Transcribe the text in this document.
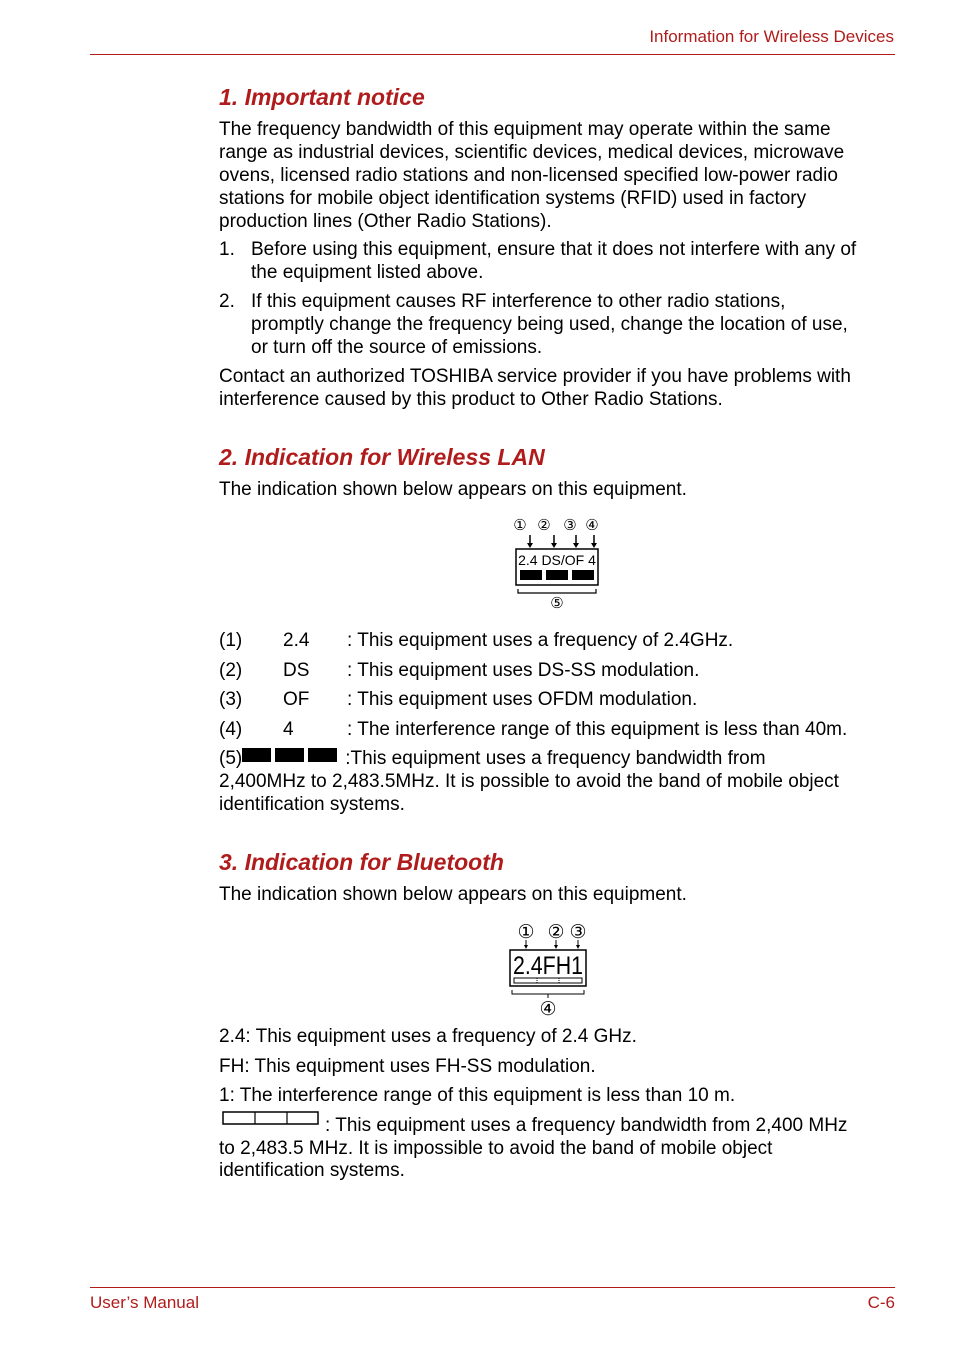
Information for Wireless Devices
1. Important notice
The frequency bandwidth of this equipment may operate within the same
range as industrial devices, scientific devices, medical devices, microwave
ovens, licensed radio stations and non-licensed specified low-power radio
stations for mobile object identification systems (RFID) used in factory
production lines (Other Radio Stations).
1. Before using this equipment, ensure that it does not interfere with any of
the equipment listed above.
2. If this equipment causes RF interference to other radio stations,
promptly change the frequency being used, change the location of use,
or turn off the source of emissions.
Contact an authorized TOSHIBA service provider if you have problems with
interference caused by this product to Other Radio Stations.
2. Indication for Wireless LAN
The indication shown below appears on this equipment.
① ② ③ ④
2.4 DS/OF 4
⑤
(1) 2.4 : This equipment uses a frequency of 2.4GHz.
(2) DS : This equipment uses DS-SS modulation.
(3) OF : This equipment uses OFDM modulation.
(4) 4	: The interference range of this equipment is less than 40m.
(5)	:This equipment uses a frequency bandwidth from
2,400MHz to 2,483.5MHz. It is possible to avoid the band of mobile object
identification systems.
3. Indication for Bluetooth
The indication shown below appears on this equipment.
① ② ③
2.4FH1
④
2.4: This equipment uses a frequency of 2.4 GHz.
FH: This equipment uses FH-SS modulation.
1: The interference range of this equipment is less than 10 m.
: This equipment uses a frequency bandwidth from 2,400 MHz
to 2,483.5 MHz. It is impossible to avoid the band of mobile object
identification systems.
User’s Manual	C-6
